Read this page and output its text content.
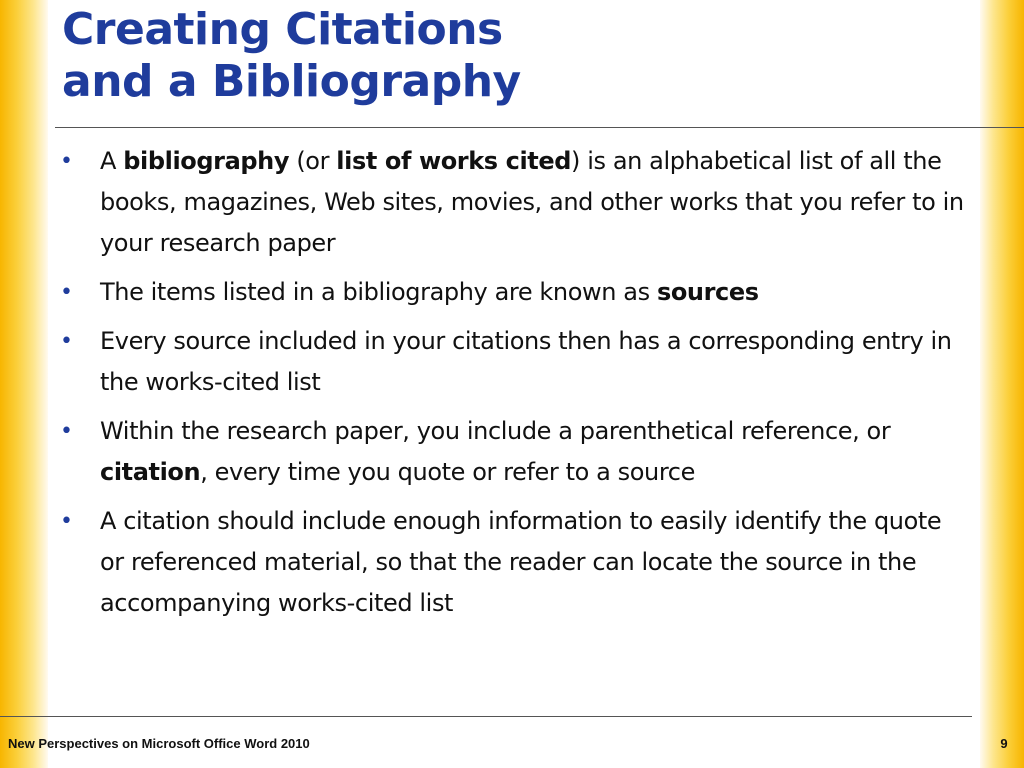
Creating Citations
and a Bibliography
• A bibliography (or list of works cited) is an alphabetical list of all the books, magazines, Web sites, movies, and other works that you refer to in your research paper
• The items listed in a bibliography are known as sources
• Every source included in your citations then has a corresponding entry in the works-cited list
• Within the research paper, you include a parenthetical reference, or citation, every time you quote or refer to a source
• A citation should include enough information to easily identify the quote or referenced material, so that the reader can locate the source in the accompanying works-cited list
New Perspectives on Microsoft Office Word 2010	9
